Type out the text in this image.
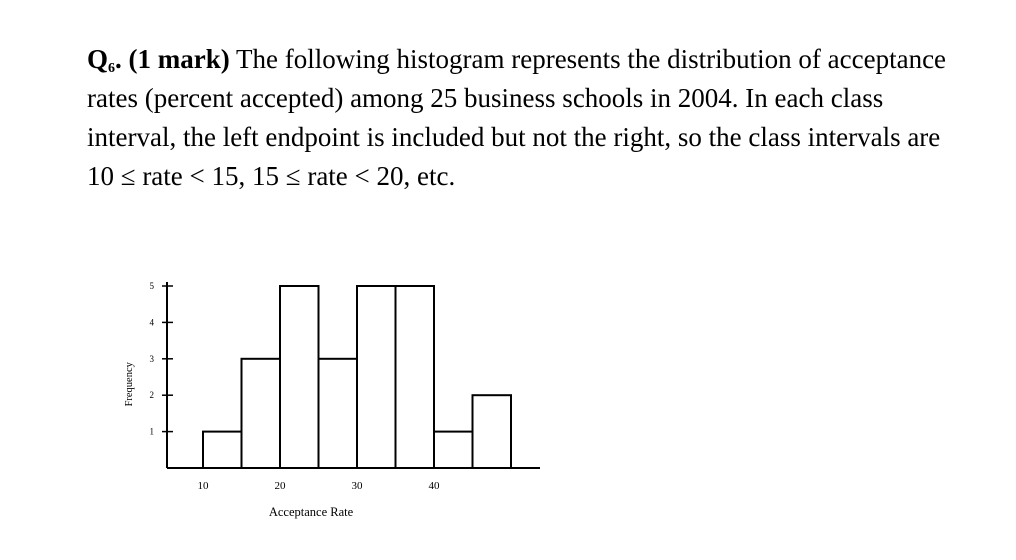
$Q_6$. (1 mark) The following histogram represents the distribution of acceptance rates (percent accepted) among 25 business schools in 2004. In each class interval, the left endpoint is included but not the right, so the class intervals are 10 ≤ rate < 15, 15 ≤ rate < 20, etc.
1
2
3
4
5
10	20	30	40
Acceptance Rate
Frequency
